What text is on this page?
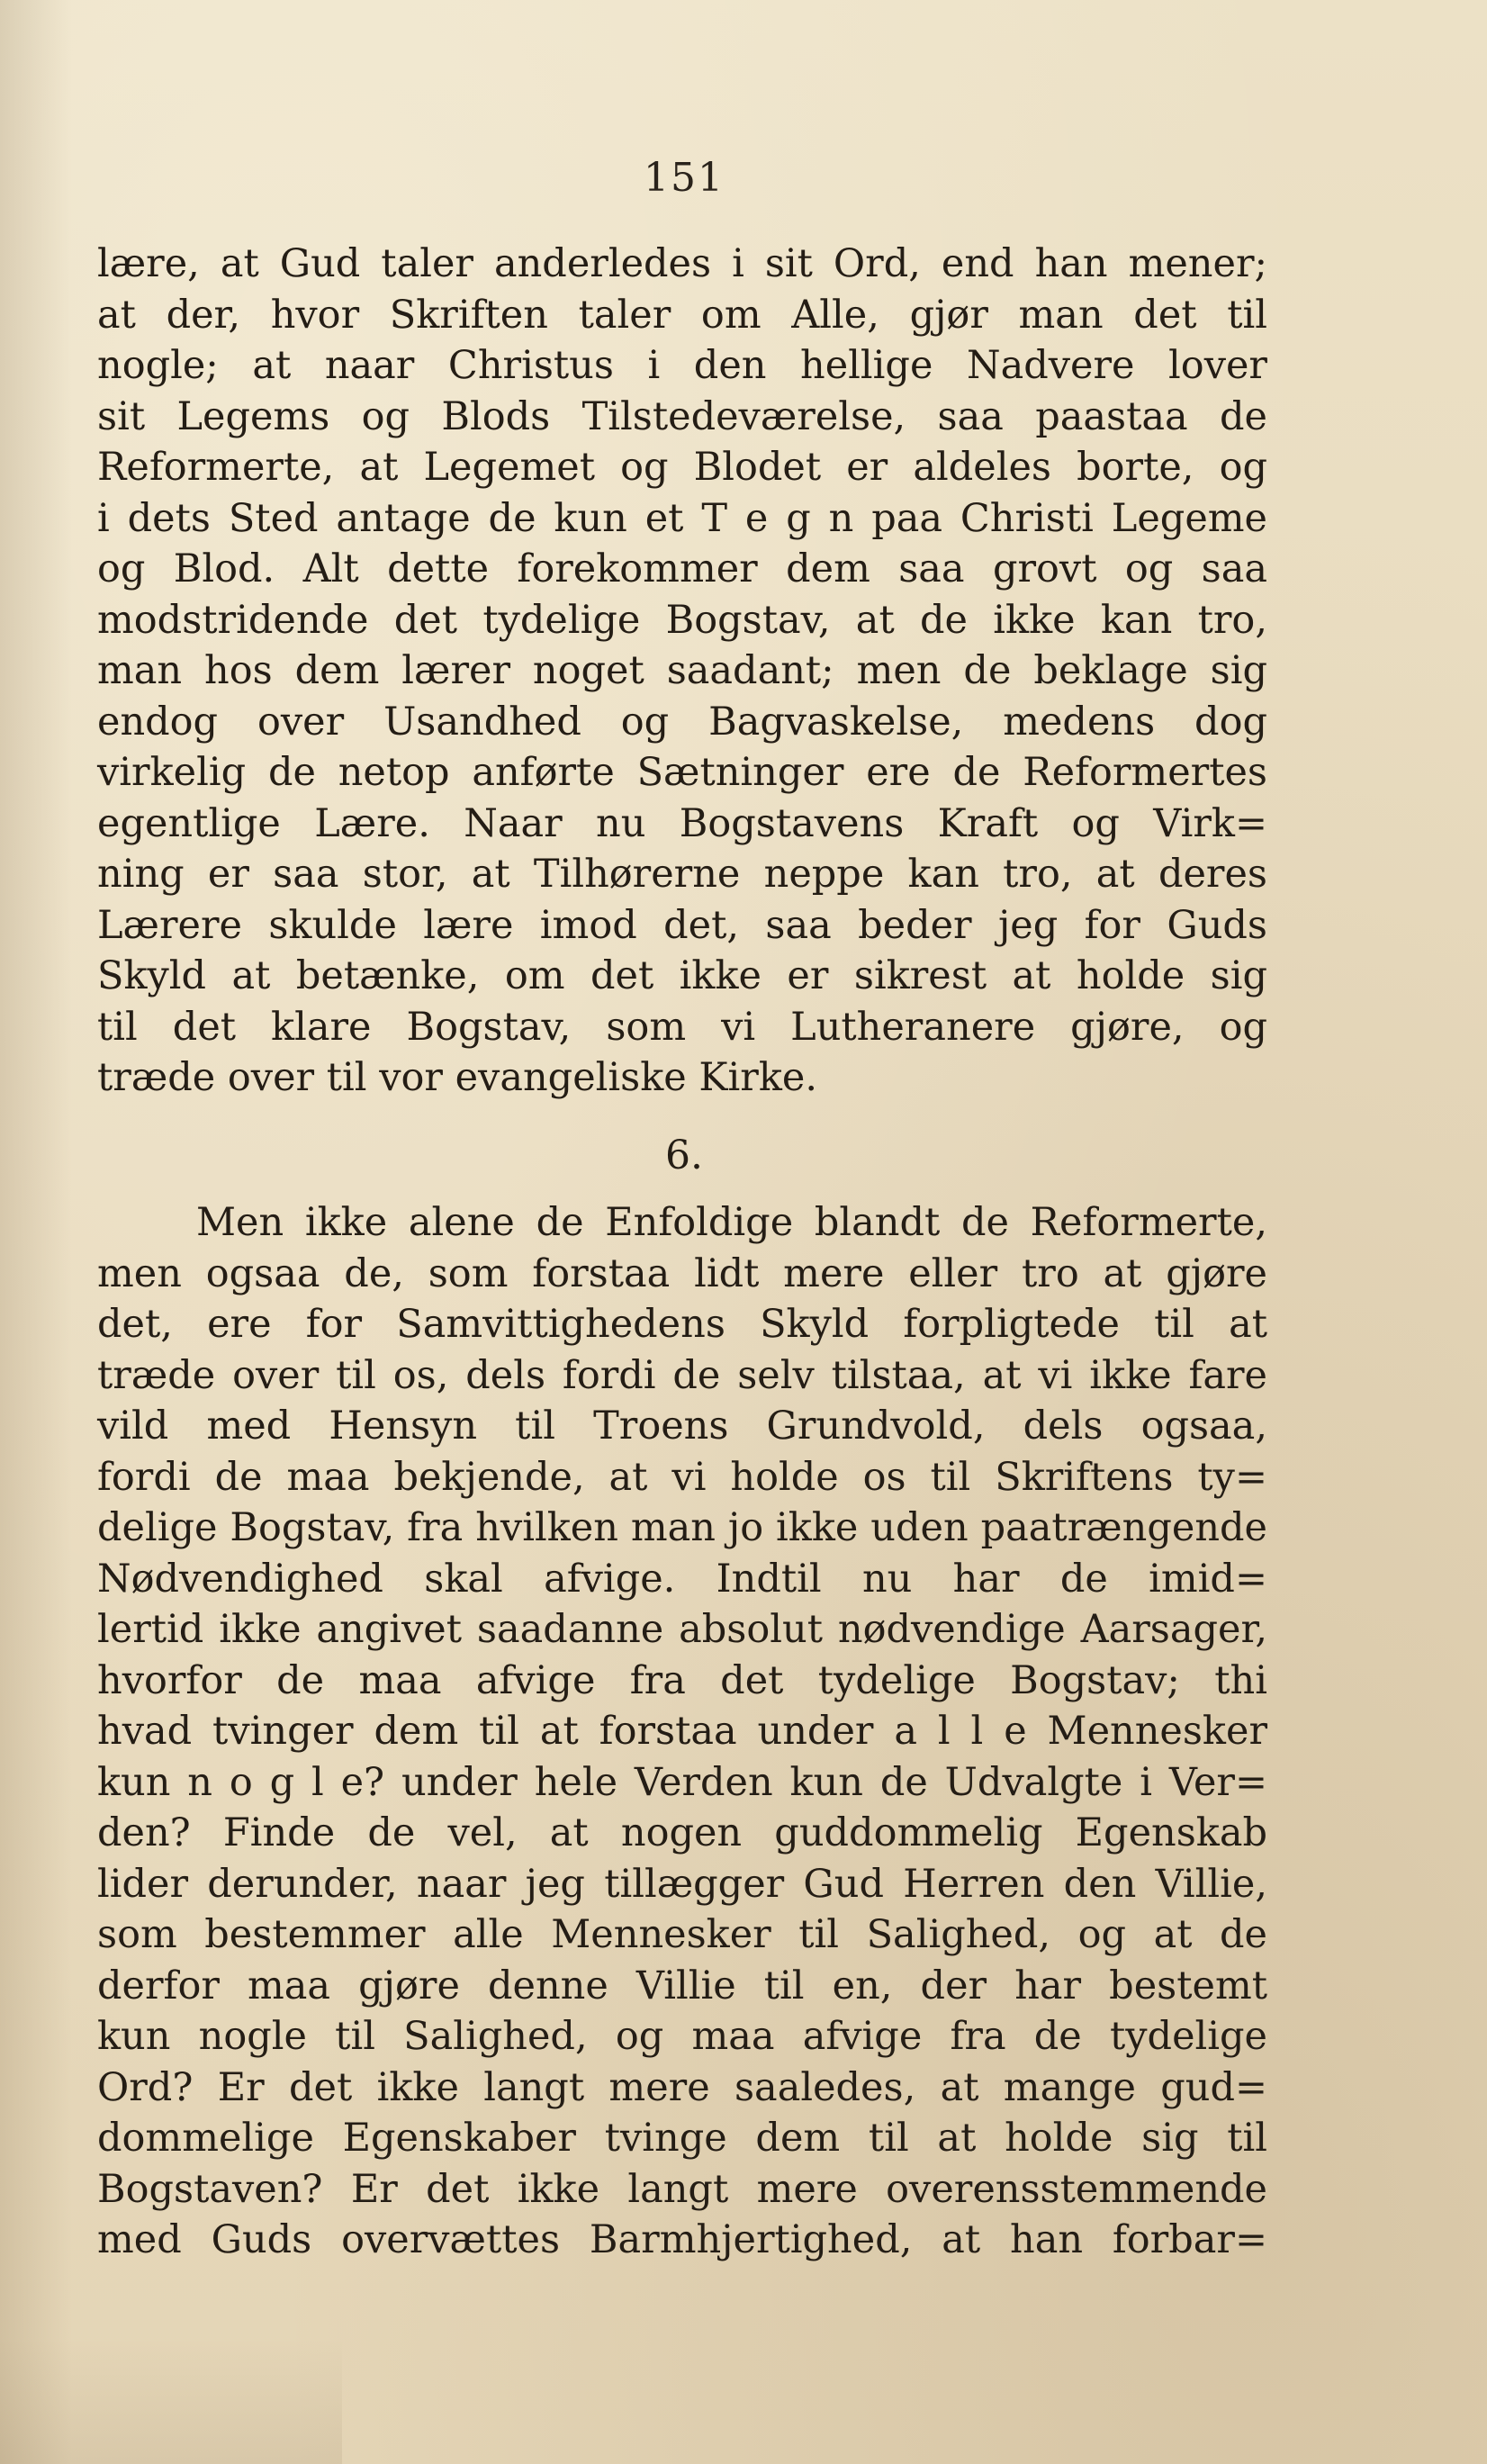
151
lære, at Gud taler anderledes i sit Ord, end han mener;
at der, hvor Skriften taler om Alle, gjør man det til
nogle; at naar Christus i den hellige Nadvere lover
sit Legems og Blods Tilstedeværelse, saa paastaa de
Reformerte, at Legemet og Blodet er aldeles borte, og
i dets Sted antage de kun et T e g n paa Christi Legeme
og Blod. Alt dette forekommer dem saa grovt og saa
modstridende det tydelige Bogstav, at de ikke kan tro,
man hos dem lærer noget saadant; men de beklage sig
endog over Usandhed og Bagvaskelse, medens dog
virkelig de netop anførte Sætninger ere de Reformertes
egentlige Lære. Naar nu Bogstavens Kraft og Virk=
ning er saa stor, at Tilhørerne neppe kan tro, at deres
Lærere skulde lære imod det, saa beder jeg for Guds
Skyld at betænke, om det ikke er sikrest at holde sig
til det klare Bogstav, som vi Lutheranere gjøre, og
træde over til vor evangeliske Kirke.
6.
Men ikke alene de Enfoldige blandt de Reformerte,
men ogsaa de, som forstaa lidt mere eller tro at gjøre
det, ere for Samvittighedens Skyld forpligtede til at
træde over til os, dels fordi de selv tilstaa, at vi ikke fare
vild med Hensyn til Troens Grundvold, dels ogsaa,
fordi de maa bekjende, at vi holde os til Skriftens ty=
delige Bogstav, fra hvilken man jo ikke uden paatrængende
Nødvendighed skal afvige. Indtil nu har de imid=
lertid ikke angivet saadanne absolut nødvendige Aarsager,
hvorfor de maa afvige fra det tydelige Bogstav; thi
hvad tvinger dem til at forstaa under a l l e Mennesker
kun n o g l e? under hele Verden kun de Udvalgte i Ver=
den? Finde de vel, at nogen guddommelig Egenskab
lider derunder, naar jeg tillægger Gud Herren den Villie,
som bestemmer alle Mennesker til Salighed, og at de
derfor maa gjøre denne Villie til en, der har bestemt
kun nogle til Salighed, og maa afvige fra de tydelige
Ord? Er det ikke langt mere saaledes, at mange gud=
dommelige Egenskaber tvinge dem til at holde sig til
Bogstaven? Er det ikke langt mere overensstemmende
med Guds overvættes Barmhjertighed, at han forbar=
